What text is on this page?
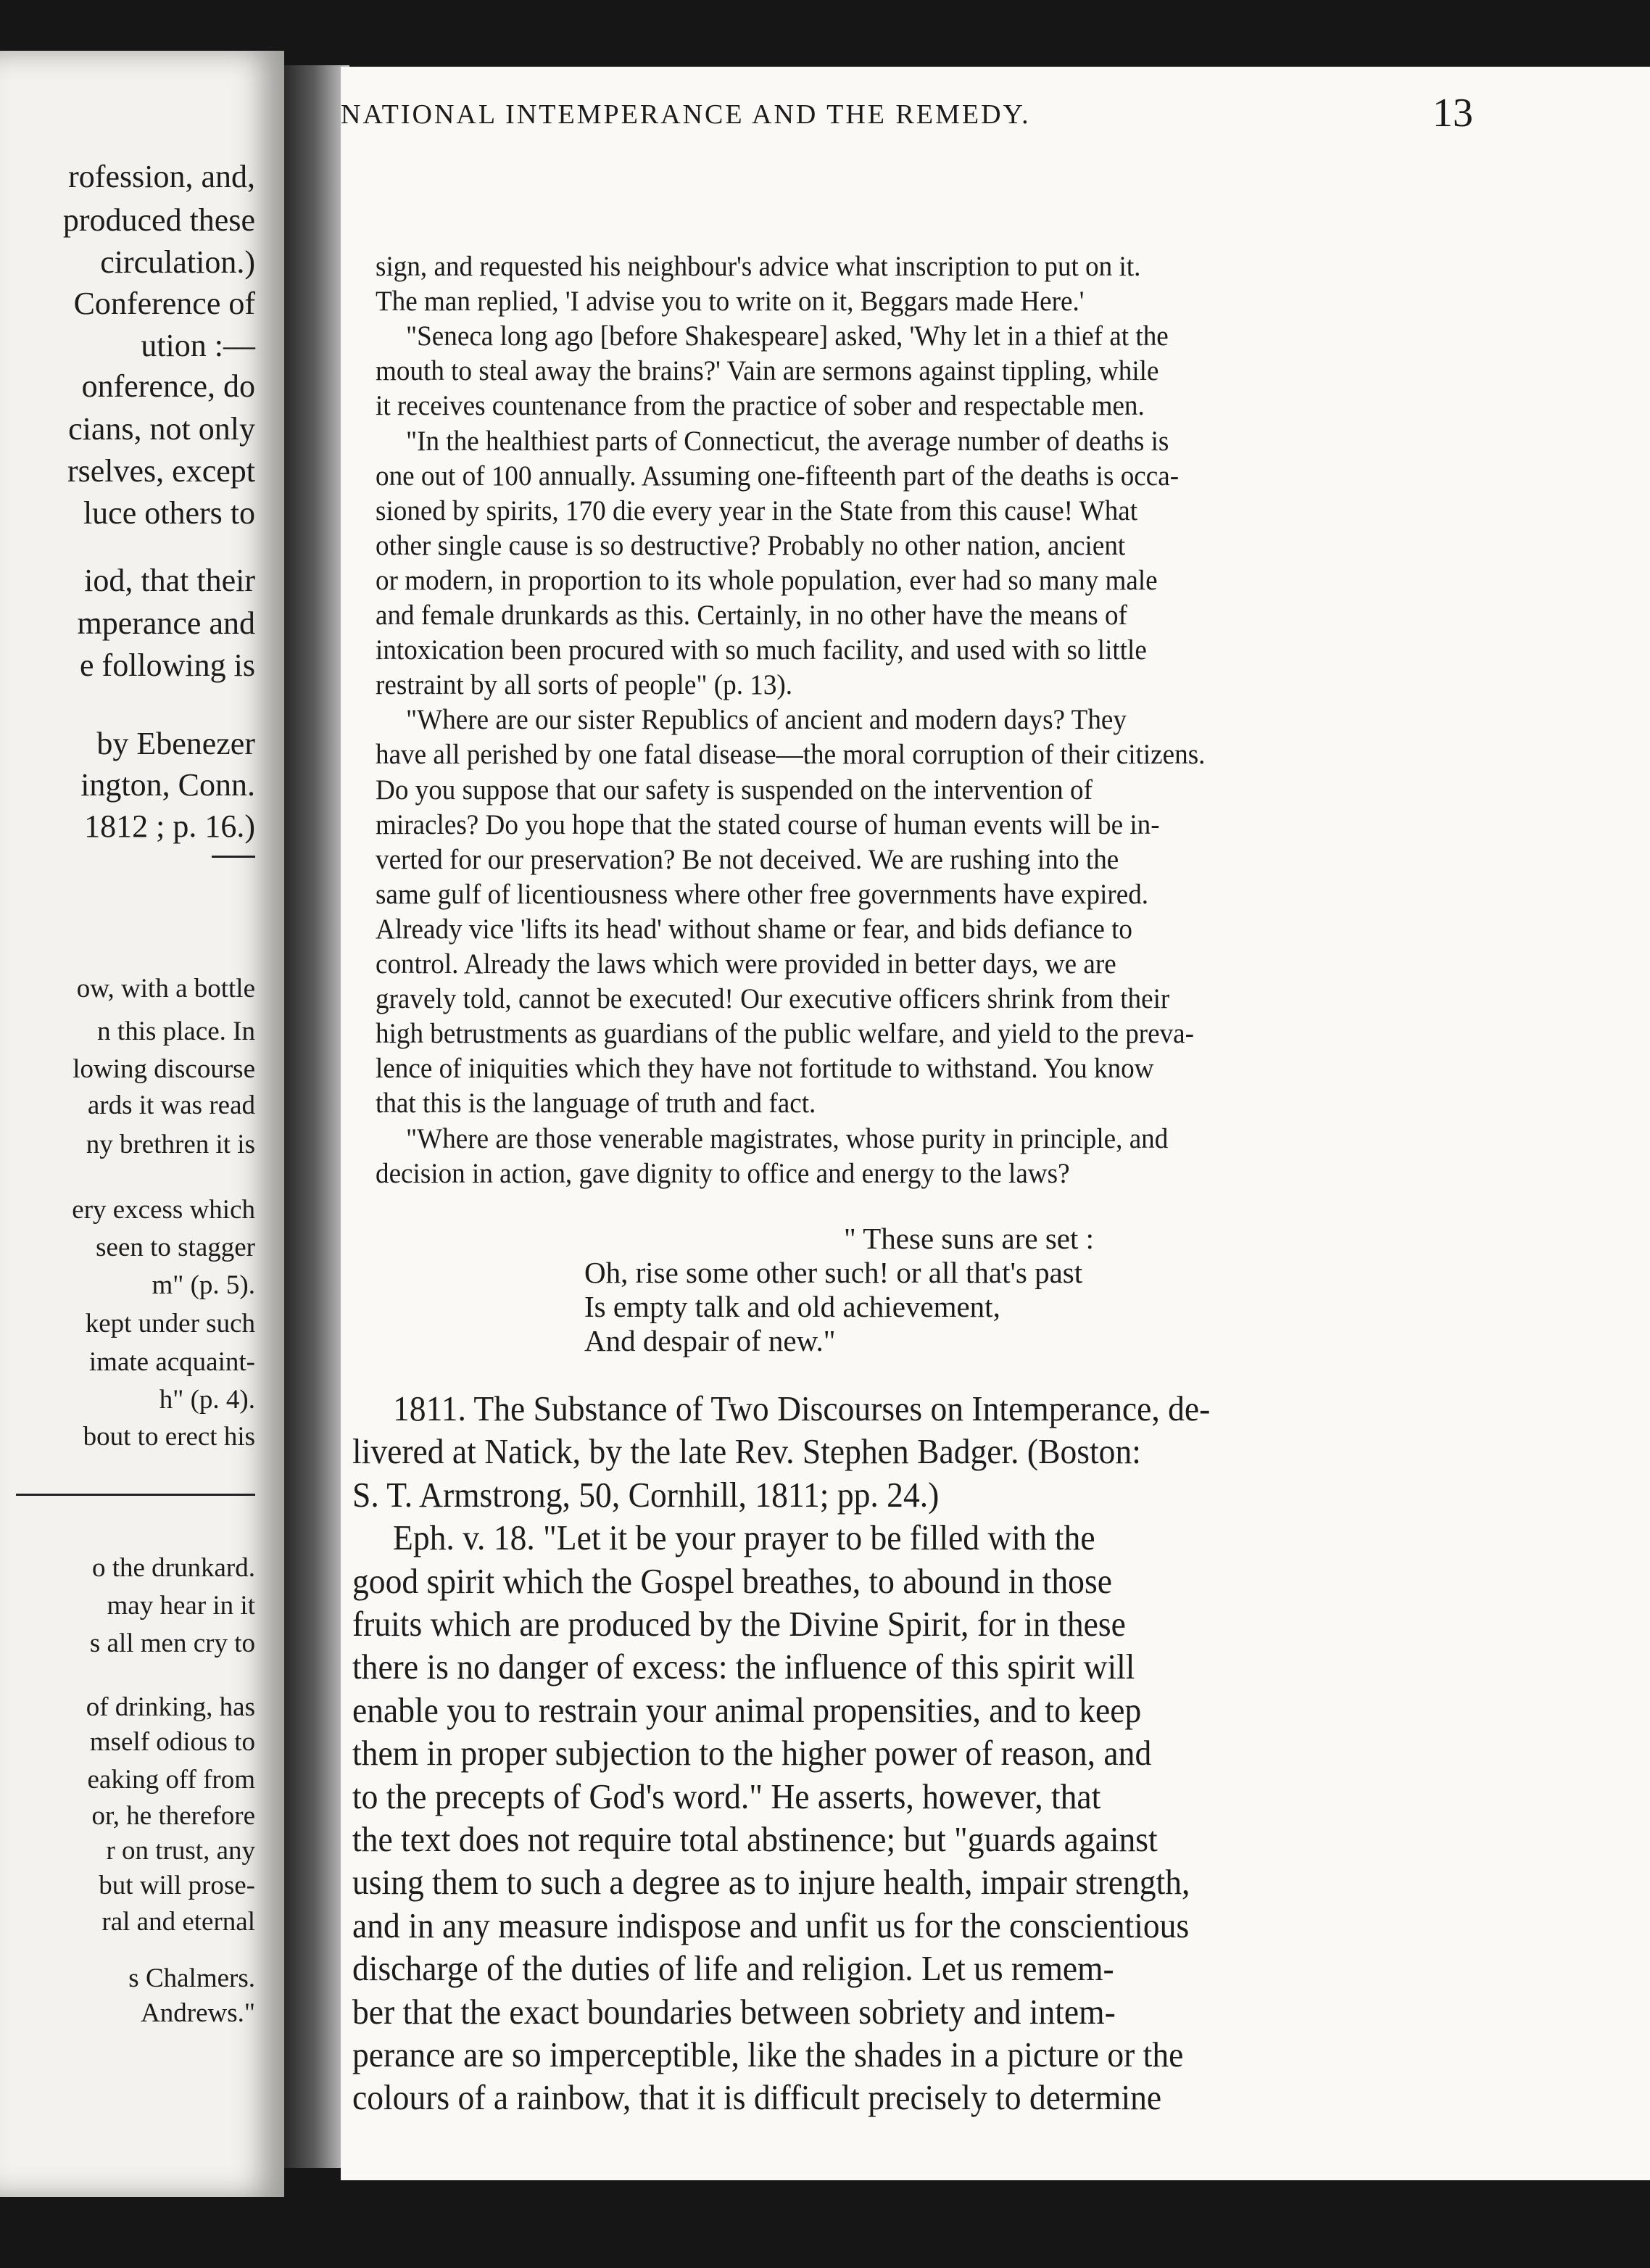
rofession, and,
produced these
circulation.)
Conference of
ution :—
onference, do
cians, not only
rselves, except
luce others to
iod, that their
mperance and
e following is
by Ebenezer
ington, Conn.
1812 ; p. 16.)
ow, with a bottle
n this place. In
lowing discourse
ards it was read
ny brethren it is
ery excess which
seen to stagger
m" (p. 5).
kept under such
imate acquaint-
h" (p. 4).
bout to erect his
o the drunkard.
may hear in it
s all men cry to
of drinking, has
mself odious to
eaking off from
or, he therefore
r on trust, any
but will prose-
ral and eternal
s Chalmers.
Andrews."
NATIONAL INTEMPERANCE AND THE REMEDY.	13
sign, and requested his neighbour's advice what inscription to put on it.
The man replied, 'I advise you to write on it, Beggars made Here.'
"Seneca long ago [before Shakespeare] asked, 'Why let in a thief at the
mouth to steal away the brains?' Vain are sermons against tippling, while
it receives countenance from the practice of sober and respectable men.
"In the healthiest parts of Connecticut, the average number of deaths is
one out of 100 annually. Assuming one-fifteenth part of the deaths is occa-
sioned by spirits, 170 die every year in the State from this cause! What
other single cause is so destructive? Probably no other nation, ancient
or modern, in proportion to its whole population, ever had so many male
and female drunkards as this. Certainly, in no other have the means of
intoxication been procured with so much facility, and used with so little
restraint by all sorts of people" (p. 13).
"Where are our sister Republics of ancient and modern days? They
have all perished by one fatal disease—the moral corruption of their citizens.
Do you suppose that our safety is suspended on the intervention of
miracles? Do you hope that the stated course of human events will be in-
verted for our preservation? Be not deceived. We are rushing into the
same gulf of licentiousness where other free governments have expired.
Already vice 'lifts its head' without shame or fear, and bids defiance to
control. Already the laws which were provided in better days, we are
gravely told, cannot be executed! Our executive officers shrink from their
high betrustments as guardians of the public welfare, and yield to the preva-
lence of iniquities which they have not fortitude to withstand. You know
that this is the language of truth and fact.
"Where are those venerable magistrates, whose purity in principle, and
decision in action, gave dignity to office and energy to the laws?
" These suns are set :
Oh, rise some other such! or all that's past
Is empty talk and old achievement,
And despair of new."
1811. The Substance of Two Discourses on Intemperance, de-
livered at Natick, by the late Rev. Stephen Badger. (Boston:
S. T. Armstrong, 50, Cornhill, 1811; pp. 24.)
Eph. v. 18. "Let it be your prayer to be filled with the
good spirit which the Gospel breathes, to abound in those
fruits which are produced by the Divine Spirit, for in these
there is no danger of excess: the influence of this spirit will
enable you to restrain your animal propensities, and to keep
them in proper subjection to the higher power of reason, and
to the precepts of God's word." He asserts, however, that
the text does not require total abstinence; but "guards against
using them to such a degree as to injure health, impair strength,
and in any measure indispose and unfit us for the conscientious
discharge of the duties of life and religion. Let us remem-
ber that the exact boundaries between sobriety and intem-
perance are so imperceptible, like the shades in a picture or the
colours of a rainbow, that it is difficult precisely to determine
